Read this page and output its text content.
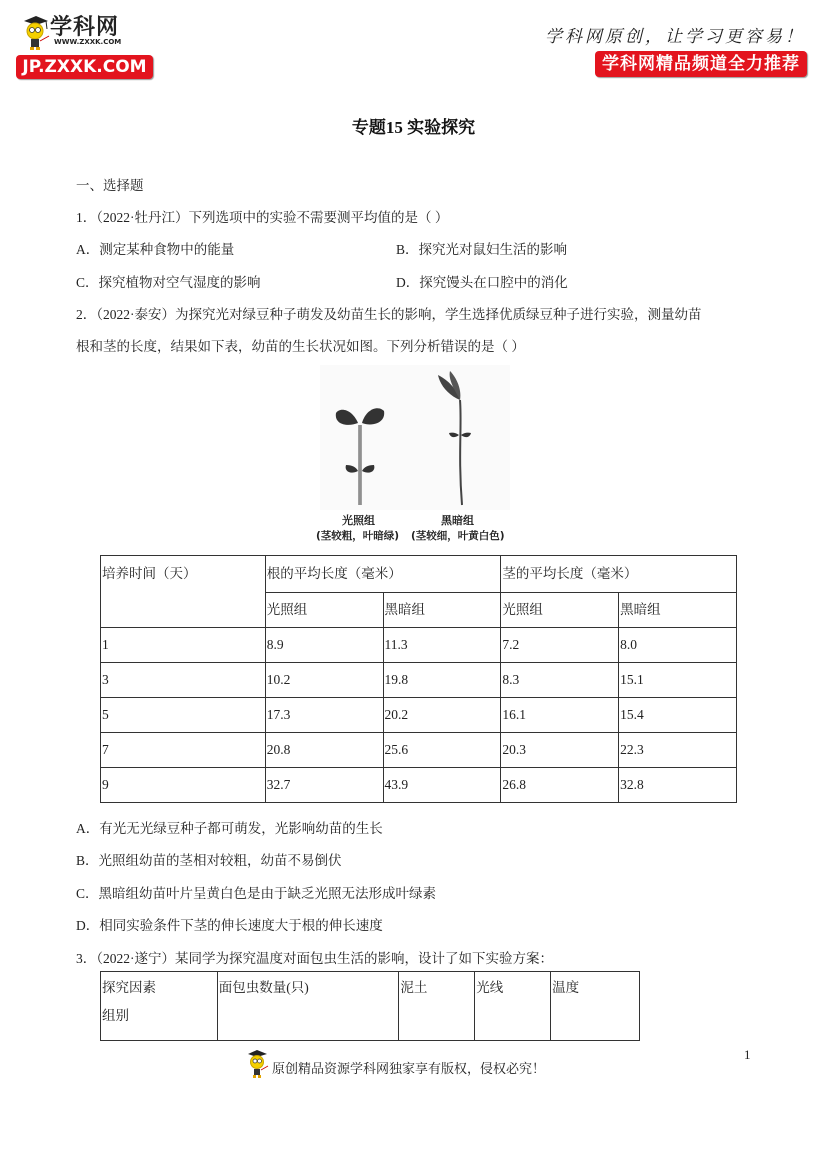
学科网
WWW.ZXXK.COM
JP.ZXXK.COM
学科网原创，让学习更容易！
学科网精品频道全力推荐
专题15 实验探究
一、选择题
1．（2022·牡丹江）下列选项中的实验不需要测平均值的是（ ）
A．测定某种食物中的能量	B．探究光对鼠妇生活的影响
C．探究植物对空气湿度的影响	D．探究馒头在口腔中的消化
2．（2022·泰安）为探究光对绿豆种子萌发及幼苗生长的影响，学生选择优质绿豆种子进行实验，测量幼苗
根和茎的长度，结果如下表，幼苗的生长状况如图。下列分析错误的是（ ）
光照组	黑暗组
(茎较粗，叶暗绿) (茎较细，叶黄白色)
培养时间（天）	根的平均长度（毫米）		茎的平均长度（毫米）	
	光照组	黑暗组	光照组	黑暗组
1	8.9	11.3	7.2	8.0
3	10.2	19.8	8.3	15.1
5	17.3	20.2	16.1	15.4
7	20.8	25.6	20.3	22.3
9	32.7	43.9	26.8	32.8
A．有光无光绿豆种子都可萌发，光影响幼苗的生长
B．光照组幼苗的茎相对较粗，幼苗不易倒伏
C．黑暗组幼苗叶片呈黄白色是由于缺乏光照无法形成叶绿素
D．相同实验条件下茎的伸长速度大于根的伸长速度
3．（2022·遂宁）某同学为探究温度对面包虫生活的影响，设计了如下实验方案：
探究因素
组别
	面包虫数量(只)	泥土	光线	温度
原创精品资源学科网独家享有版权，侵权必究！
1
